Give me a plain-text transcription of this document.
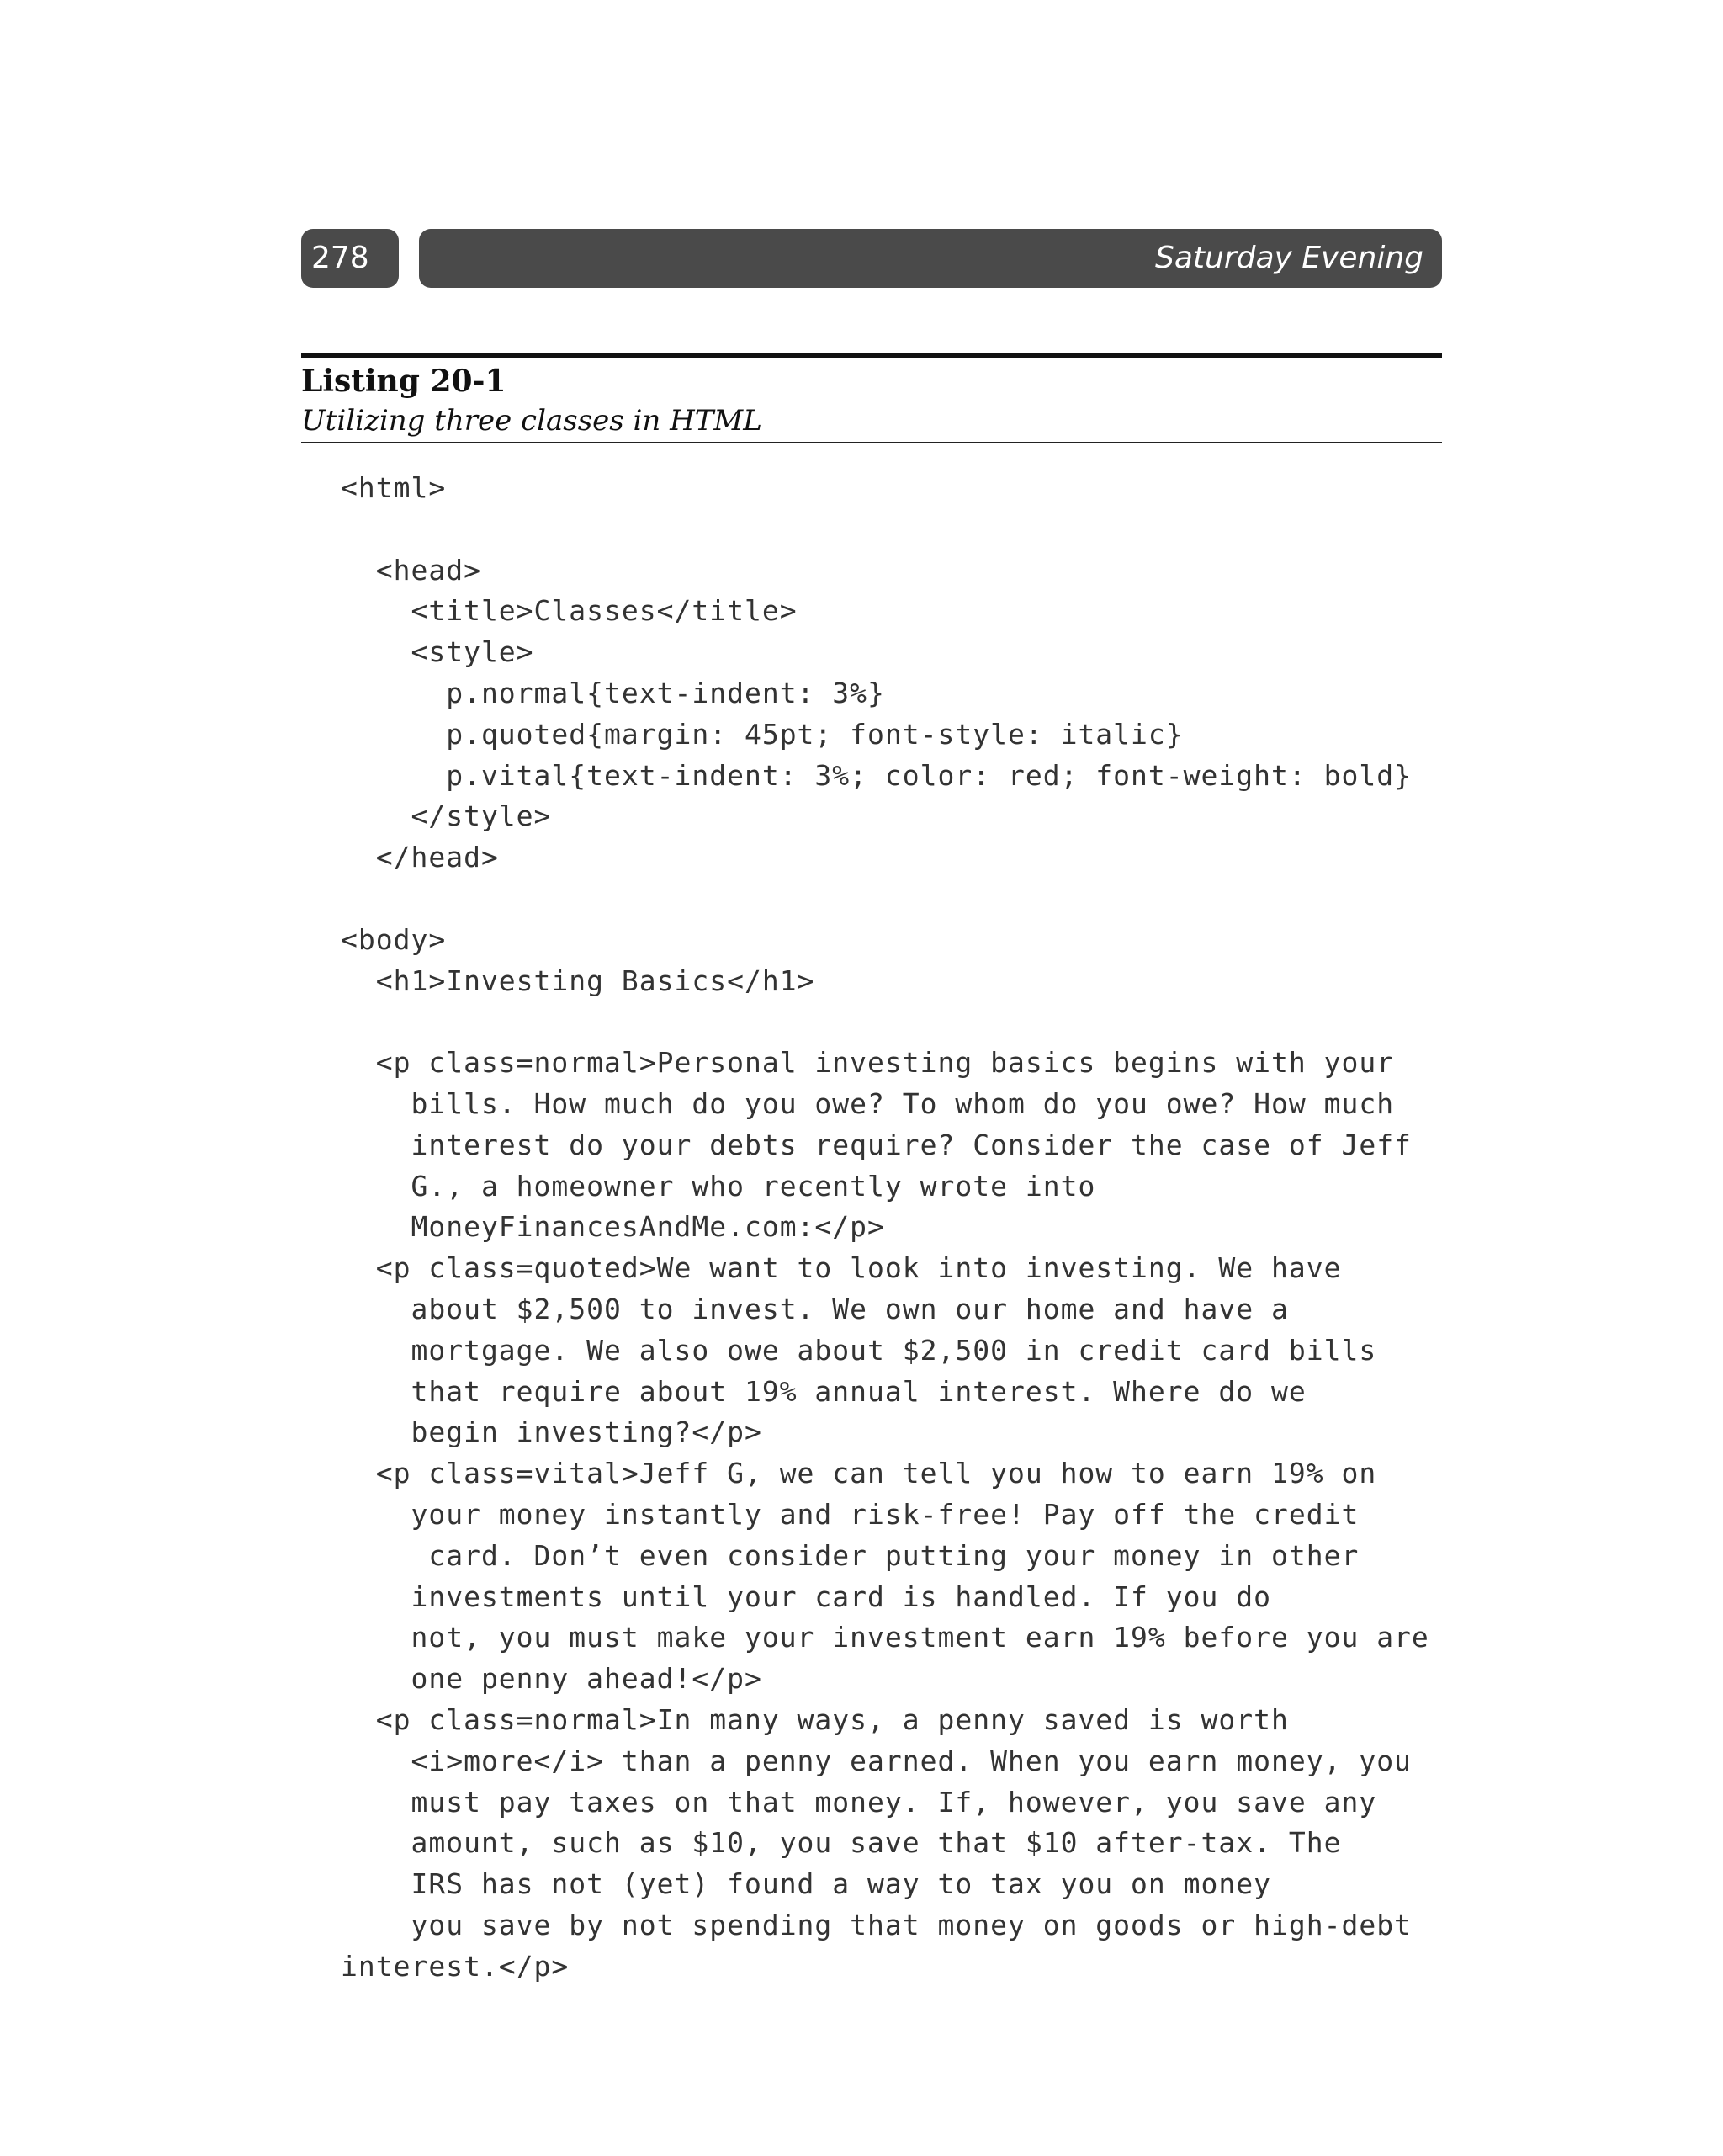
278	Saturday Evening
Listing 20-1
Utilizing three classes in HTML
<html>
<head>
<title>Classes</title>
<style>
p.normal{text-indent: 3%}
p.quoted{margin: 45pt; font-style: italic}
p.vital{text-indent: 3%; color: red; font-weight: bold}
</style>
</head>
<body>
<h1>Investing Basics</h1>
<p class=normal>Personal investing basics begins with your
bills. How much do you owe? To whom do you owe? How much
interest do your debts require? Consider the case of Jeff
G., a homeowner who recently wrote into
MoneyFinancesAndMe.com:</p>
<p class=quoted>We want to look into investing. We have
about $2,500 to invest. We own our home and have a
mortgage. We also owe about $2,500 in credit card bills
that require about 19% annual interest. Where do we
begin investing?</p>
<p class=vital>Jeff G, we can tell you how to earn 19% on
your money instantly and risk-free! Pay off the credit
card. Don’t even consider putting your money in other
investments until your card is handled. If you do
not, you must make your investment earn 19% before you are
one penny ahead!</p>
<p class=normal>In many ways, a penny saved is worth
<i>more</i> than a penny earned. When you earn money, you
must pay taxes on that money. If, however, you save any
amount, such as $10, you save that $10 after-tax. The
IRS has not (yet) found a way to tax you on money
you save by not spending that money on goods or high-debt
interest.</p>
